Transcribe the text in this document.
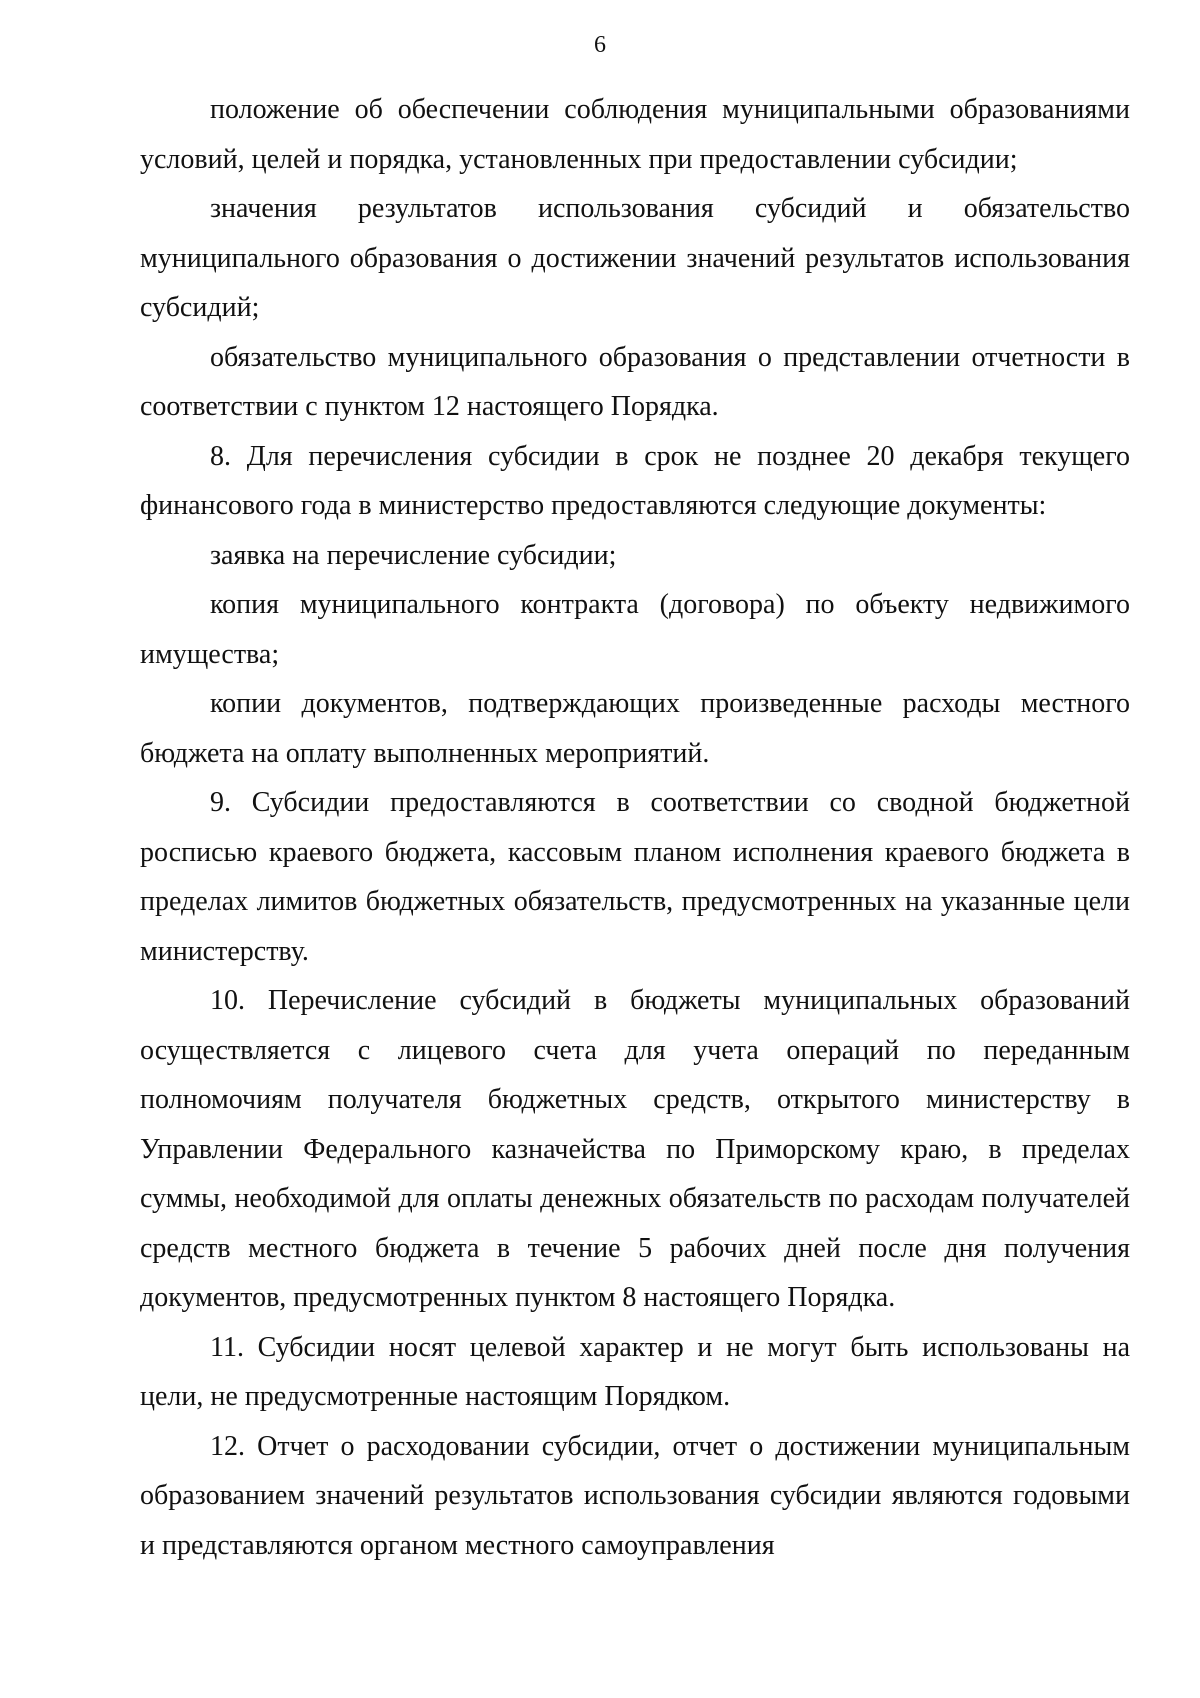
6

положение об обеспечении соблюдения муниципальными образованиями условий, целей и порядка, установленных при предоставлении субсидии;

значения результатов использования субсидий и обязательство муниципального образования о достижении значений результатов использования субсидий;

обязательство муниципального образования о представлении отчетности в соответствии с пунктом 12 настоящего Порядка.

8. Для перечисления субсидии в срок не позднее 20 декабря текущего финансового года в министерство предоставляются следующие документы:

заявка на перечисление субсидии;

копия муниципального контракта (договора) по объекту недвижимого имущества;

копии документов, подтверждающих произведенные расходы местного бюджета на оплату выполненных мероприятий.

9. Субсидии предоставляются в соответствии со сводной бюджетной росписью краевого бюджета, кассовым планом исполнения краевого бюджета в пределах лимитов бюджетных обязательств, предусмотренных на указанные цели министерству.

10. Перечисление субсидий в бюджеты муниципальных образований осуществляется с лицевого счета для учета операций по переданным полномочиям получателя бюджетных средств, открытого министерству в Управлении Федерального казначейства по Приморскому краю, в пределах суммы, необходимой для оплаты денежных обязательств по расходам получателей средств местного бюджета в течение 5 рабочих дней после дня получения документов, предусмотренных пунктом 8 настоящего Порядка.

11. Субсидии носят целевой характер и не могут быть использованы на цели, не предусмотренные настоящим Порядком.

12. Отчет о расходовании субсидии, отчет о достижении муниципальным образованием значений результатов использования субсидии являются годовыми и представляются органом местного самоуправления
